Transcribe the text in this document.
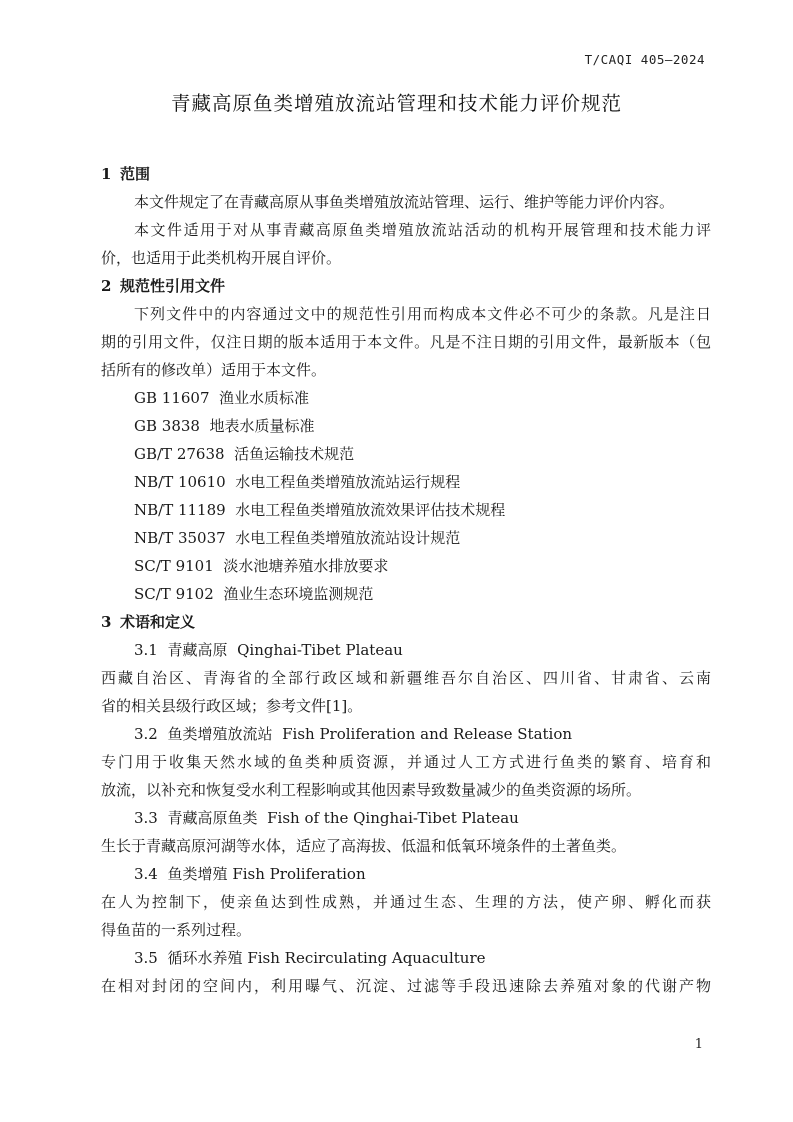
T/CAQI 405—2024
青藏高原鱼类增殖放流站管理和技术能力评价规范
1 范围
本文件规定了在青藏高原从事鱼类增殖放流站管理、运行、维护等能力评价内容。
本文件适用于对从事青藏高原鱼类增殖放流站活动的机构开展管理和技术能力评
价，也适用于此类机构开展自评价。
2 规范性引用文件
下列文件中的内容通过文中的规范性引用而构成本文件必不可少的条款。凡是注日
期的引用文件，仅注日期的版本适用于本文件。凡是不注日期的引用文件，最新版本（包
括所有的修改单）适用于本文件。
GB 11607 渔业水质标准
GB 3838 地表水质量标准
GB/T 27638 活鱼运输技术规范
NB/T 10610 水电工程鱼类增殖放流站运行规程
NB/T 11189 水电工程鱼类增殖放流效果评估技术规程
NB/T 35037 水电工程鱼类增殖放流站设计规范
SC/T 9101 淡水池塘养殖水排放要求
SC/T 9102 渔业生态环境监测规范
3 术语和定义
3.1 青藏高原 Qinghai-Tibet Plateau
西藏自治区、青海省的全部行政区域和新疆维吾尔自治区、四川省、甘肃省、云南
省的相关县级行政区域；参考文件[1]。
3.2 鱼类增殖放流站 Fish Proliferation and Release Station
专门用于收集天然水域的鱼类种质资源，并通过人工方式进行鱼类的繁育、培育和
放流，以补充和恢复受水利工程影响或其他因素导致数量减少的鱼类资源的场所。
3.3 青藏高原鱼类 Fish of the Qinghai-Tibet Plateau
生长于青藏高原河湖等水体，适应了高海拔、低温和低氧环境条件的土著鱼类。
3.4 鱼类增殖 Fish Proliferation
在人为控制下，使亲鱼达到性成熟，并通过生态、生理的方法，使产卵、孵化而获
得鱼苗的一系列过程。
3.5 循环水养殖 Fish Recirculating Aquaculture
在相对封闭的空间内，利用曝气、沉淀、过滤等手段迅速除去养殖对象的代谢产物
1
